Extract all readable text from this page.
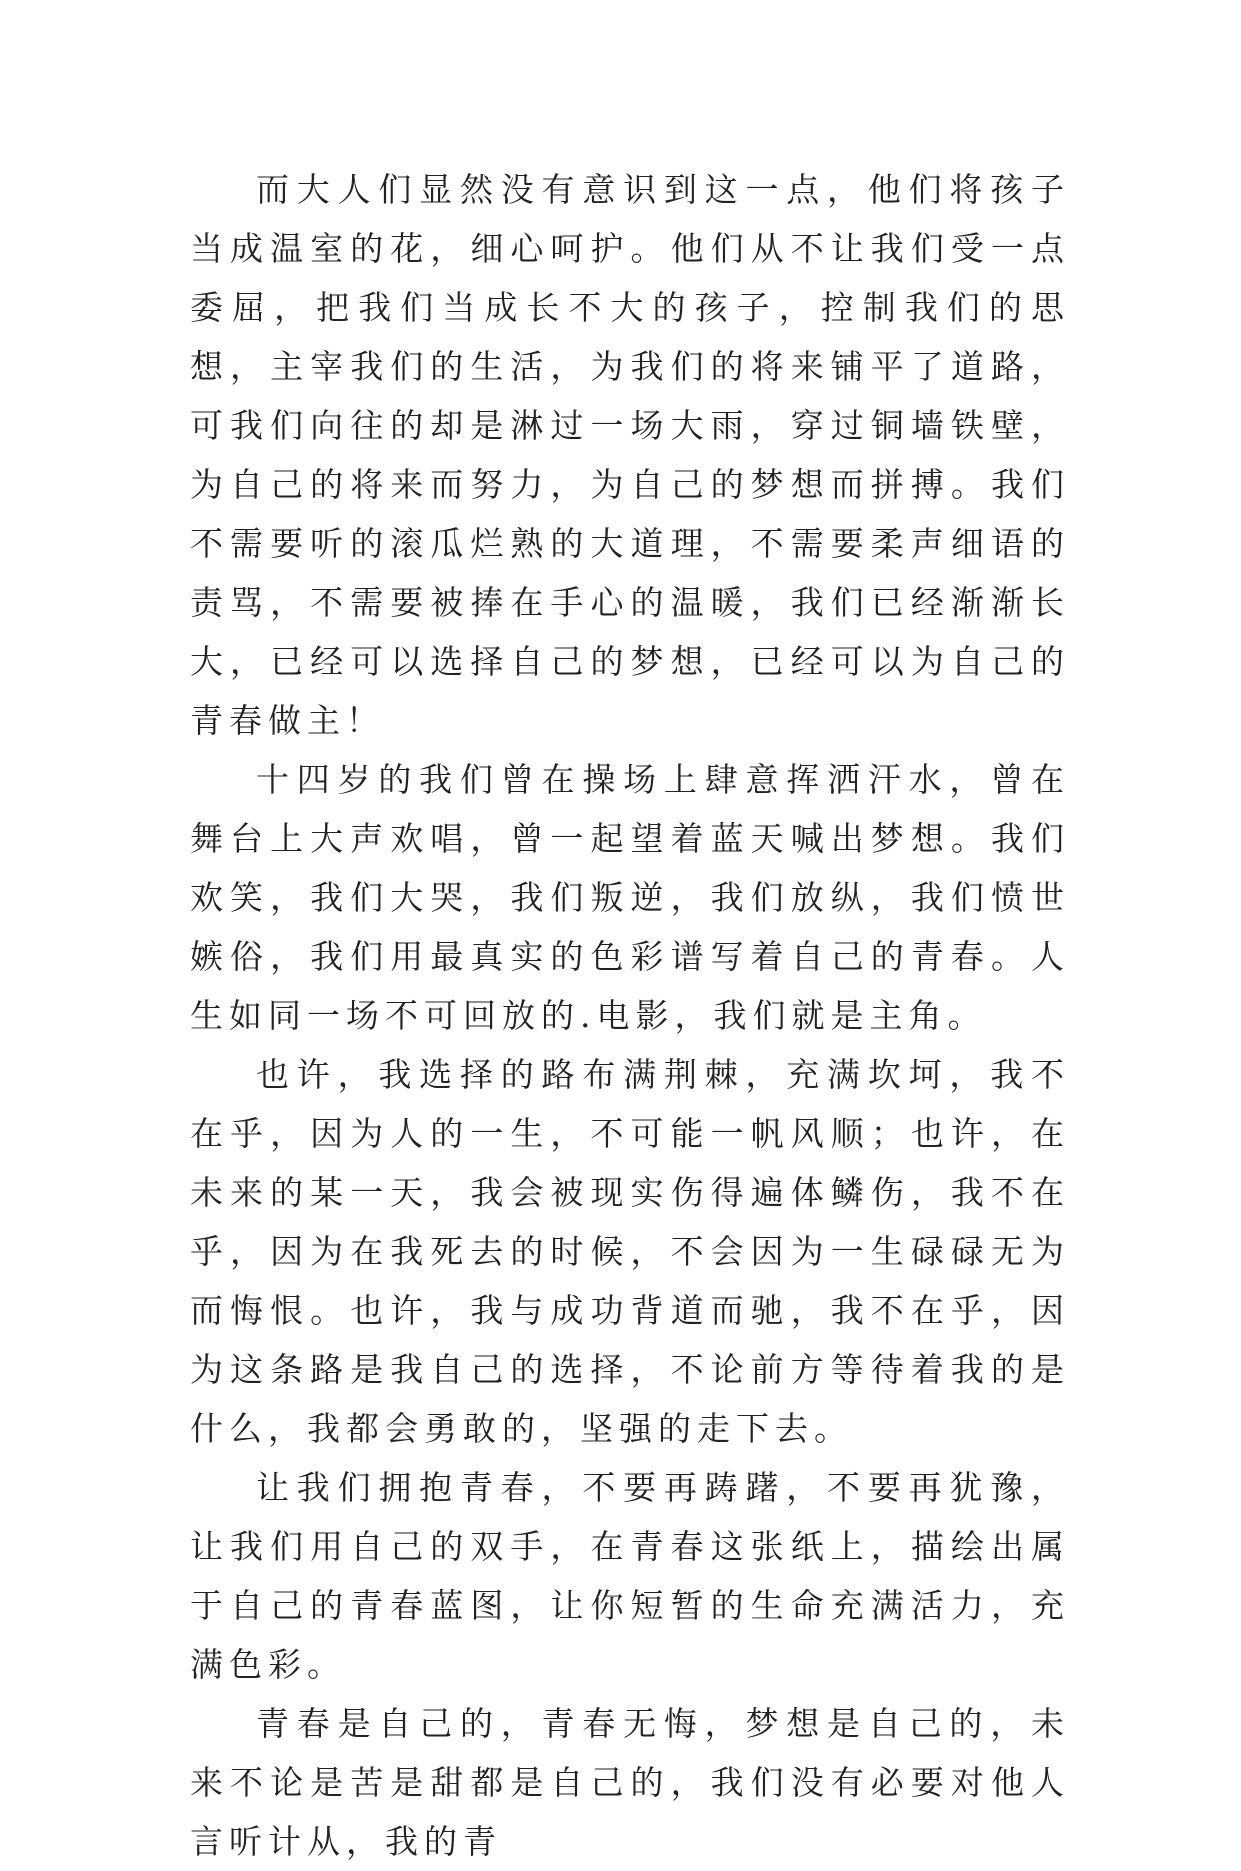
而大人们显然没有意识到这一点，他们将孩子当成温室的花，细心呵护。他们从不让我们受一点委屈，把我们当成长不大的孩子，控制我们的思想，主宰我们的生活，为我们的将来铺平了道路，可我们向往的却是淋过一场大雨，穿过铜墙铁壁，为自己的将来而努力，为自己的梦想而拼搏。我们不需要听的滚瓜烂熟的大道理，不需要柔声细语的责骂，不需要被捧在手心的温暖，我们已经渐渐长大，已经可以选择自己的梦想，已经可以为自己的青春做主！

十四岁的我们曾在操场上肆意挥洒汗水，曾在舞台上大声欢唱，曾一起望着蓝天喊出梦想。我们欢笑，我们大哭，我们叛逆，我们放纵，我们愤世嫉俗，我们用最真实的色彩谱写着自己的青春。人生如同一场不可回放的.电影，我们就是主角。

也许，我选择的路布满荆棘，充满坎坷，我不在乎，因为人的一生，不可能一帆风顺；也许，在未来的某一天，我会被现实伤得遍体鳞伤，我不在乎，因为在我死去的时候，不会因为一生碌碌无为而悔恨。也许，我与成功背道而驰，我不在乎，因为这条路是我自己的选择，不论前方等待着我的是什么，我都会勇敢的，坚强的走下去。

让我们拥抱青春，不要再踌躇，不要再犹豫，让我们用自己的双手，在青春这张纸上，描绘出属于自己的青春蓝图，让你短暂的生命充满活力，充满色彩。

青春是自己的，青春无悔，梦想是自己的，未来不论是苦是甜都是自己的，我们没有必要对他人言听计从，我的青
